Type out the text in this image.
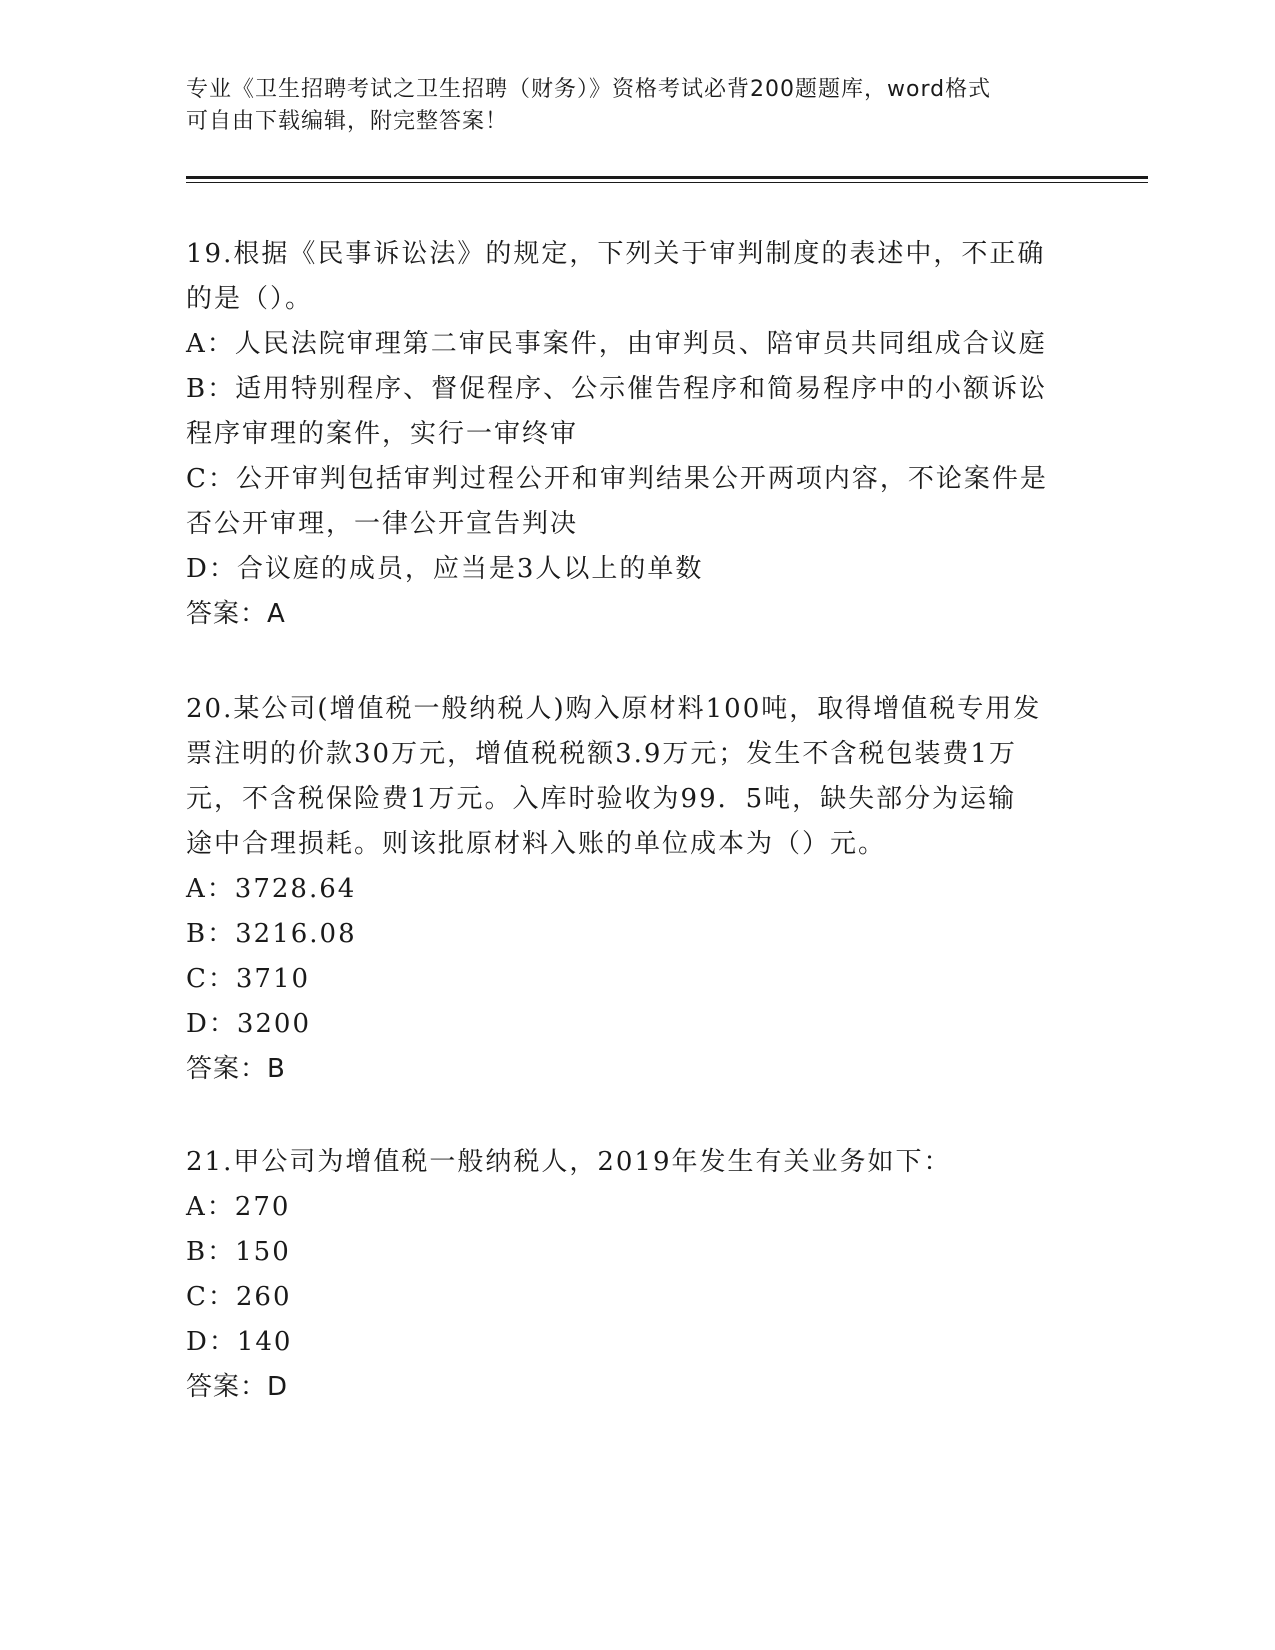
专业《卫生招聘考试之卫生招聘（财务）》资格考试必背200题题库，word格式

可自由下载编辑，附完整答案！

19.根据《民事诉讼法》的规定，下列关于审判制度的表述中，不正确
的是（）。
A：人民法院审理第二审民事案件，由审判员、陪审员共同组成合议庭
B：适用特别程序、督促程序、公示催告程序和简易程序中的小额诉讼
程序审理的案件，实行一审终审
C：公开审判包括审判过程公开和审判结果公开两项内容，不论案件是
否公开审理，一律公开宣告判决
D：合议庭的成员，应当是3人以上的单数
答案：A
20.某公司(增值税一般纳税人)购入原材料100吨，取得增值税专用发
票注明的价款30万元，增值税税额3.9万元；发生不含税包装费1万
元，不含税保险费1万元。入库时验收为99．5吨，缺失部分为运输
途中合理损耗。则该批原材料入账的单位成本为（）元。
A：3728.64
B：3216.08
C：3710
D：3200
答案：B
21.甲公司为增值税一般纳税人，2019年发生有关业务如下：
A：270
B：150
C：260
D：140
答案：D
